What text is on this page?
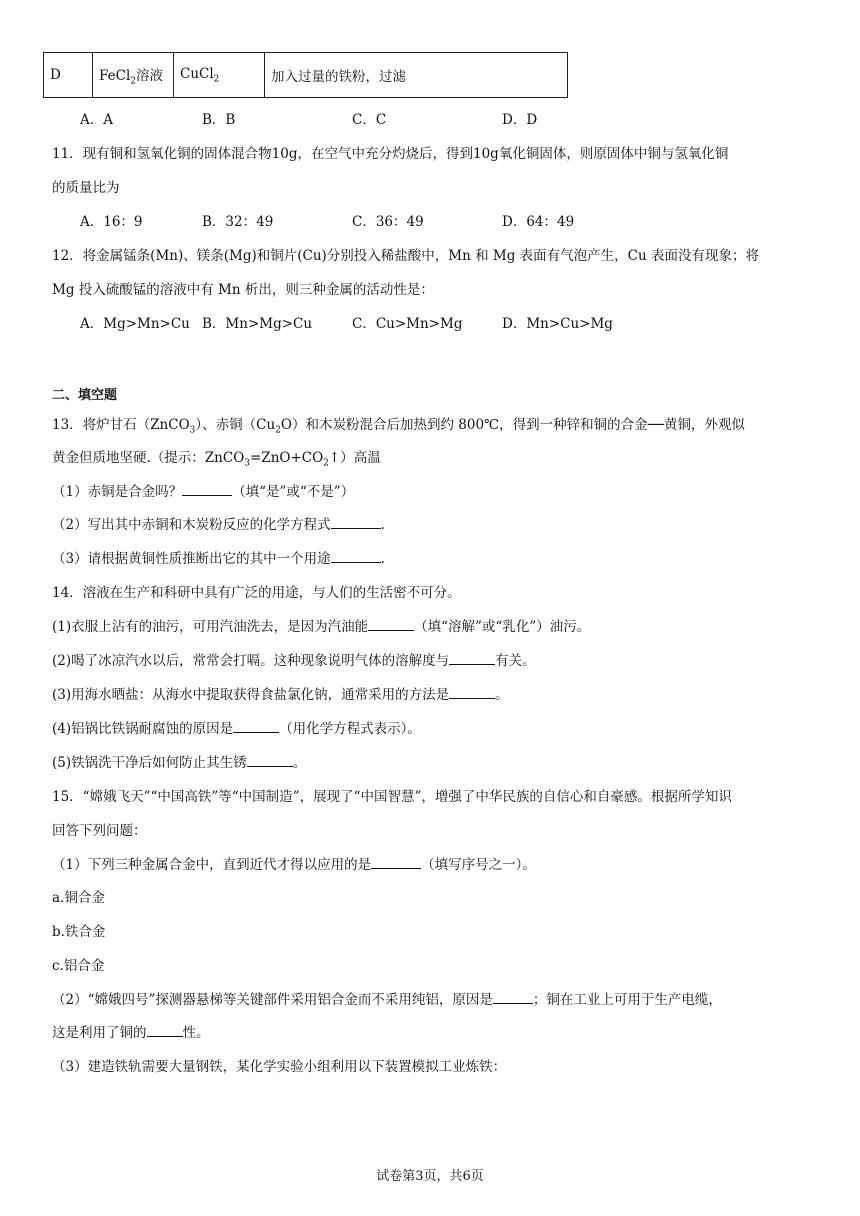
D	FeCl$_2$溶液	CuCl$_2$	加入过量的铁粉，过滤
A．A	B．B	C．C	D．D
11．现有铜和氢氧化铜的固体混合物10g，在空气中充分灼烧后，得到10g氧化铜固体，则原固体中铜与氢氧化铜
的质量比为
A．16：9	B．32：49	C．36：49	D．64：49
12．将金属锰条(Mn)、镁条(Mg)和铜片(Cu)分别投入稀盐酸中，Mn 和 Mg 表面有气泡产生，Cu 表面没有现象；将
Mg 投入硫酸锰的溶液中有 Mn 析出，则三种金属的活动性是：
A．Mg>Mn>Cu B．Mn>Mg>Cu	C．Cu>Mn>Mg	D．Mn>Cu>Mg
二、填空题
13．将炉甘石（ZnCO$_3$）、赤铜$(Cu_2O)$和木炭粉混合后加热到约 800℃，得到一种锌和铜的合金──黄铜，外观似
黄金但质地坚硬.（提示：$ZnCO_3=ZnO+CO_2↑$）高温
（1）赤铜是合金吗？	（填“是”或“不是”）
（2）写出其中赤铜和木炭粉反应的化学方程式	.
（3）请根据黄铜性质推断出它的其中一个用途	.
14．溶液在生产和科研中具有广泛的用途，与人们的生活密不可分。
(1)衣服上沾有的油污，可用汽油洗去，是因为汽油能	（填“溶解”或“乳化”）油污。
(2)喝了冰凉汽水以后，常常会打嗝。这种现象说明气体的溶解度与	有关。
(3)用海水晒盐：从海水中提取获得食盐氯化钠，通常采用的方法是	。
(4)铝锅比铁锅耐腐蚀的原因是	（用化学方程式表示）。
(5)铁锅洗干净后如何防止其生锈	。
15．“嫦娥飞天”“中国高铁”等“中国制造”，展现了“中国智慧”，增强了中华民族的自信心和自豪感。根据所学知识
回答下列问题：
（1）下列三种金属合金中，直到近代才得以应用的是	（填写序号之一）。
a.铜合金
b.铁合金
c.铝合金
（2）“嫦娥四号”探测器悬梯等关键部件采用铝合金而不采用纯铝，原因是	；铜在工业上可用于生产电缆，
这是利用了铜的	性。
（3）建造铁轨需要大量钢铁，某化学实验小组利用以下装置模拟工业炼铁：
试卷第3页，共6页
